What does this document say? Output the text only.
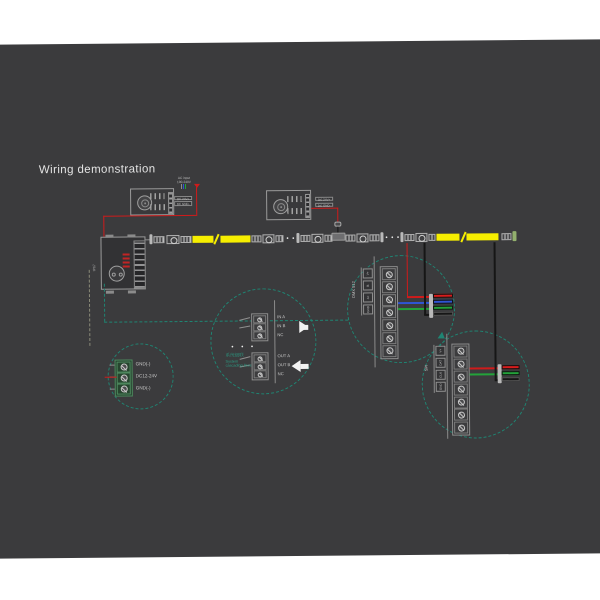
Wiring demonstration
AC input
100-240V
DC 24V+
DC GND-
DC 24V+
DC GND-
IP67
• •	• • •
GND(-)
DC12-24V
GND(-)
IN A
IN B
NC
• • •
系统级联
System
cascading lines
OUT A
OUT B
NC
DMX 512
V+
B-
A+
GND
SPI
V+
DAT
CLK
GND
